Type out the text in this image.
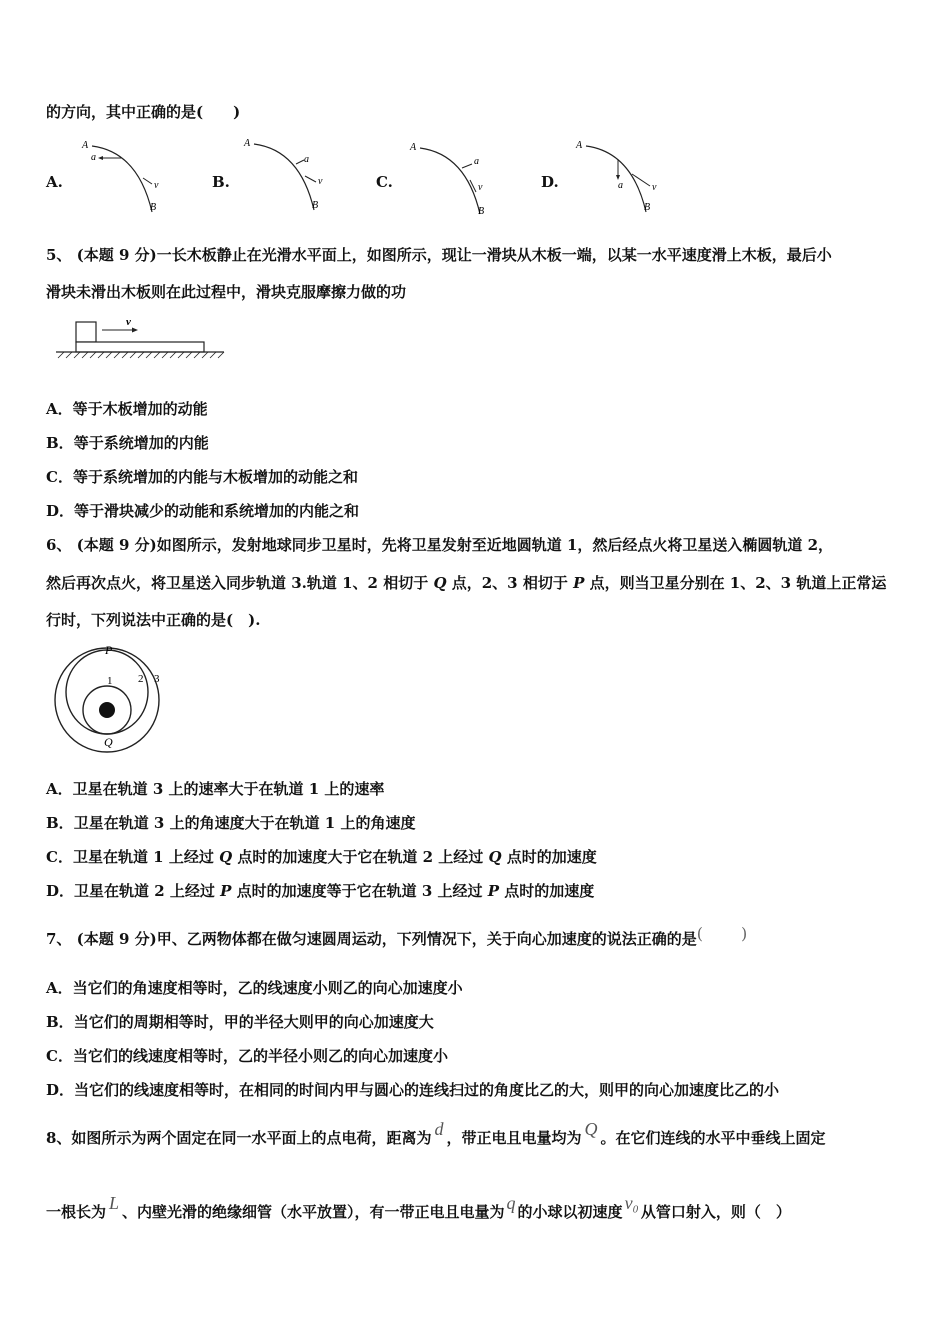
的方向，其中正确的是(　　)
A.
A
a
v
B
B.
A
a
v
B
C.
A
a
v
B
D.
A
a	v
B
5、 (本题 9 分)一长木板静止在光滑水平面上，如图所示，现让一滑块从木板一端，以某一水平速度滑上木板，最后小
滑块未滑出木板则在此过程中，滑块克服摩擦力做的功
v
A．等于木板增加的动能
B．等于系统增加的内能
C．等于系统增加的内能与木板增加的动能之和
D．等于滑块减少的动能和系统增加的内能之和
6、 (本题 9 分)如图所示，发射地球同步卫星时，先将卫星发射至近地圆轨道 1，然后经点火将卫星送入椭圆轨道 2，
然后再次点火，将卫星送入同步轨道 3.轨道 1、2 相切于 Q 点，2、3 相切于 P 点，则当卫星分别在 1、2、3 轨道上正常运
行时，下列说法中正确的是(　).
P
Q
1 2 3
A．卫星在轨道 3 上的速率大于在轨道 1 上的速率
B．卫星在轨道 3 上的角速度大于在轨道 1 上的角速度
C．卫星在轨道 1 上经过 Q 点时的加速度大于它在轨道 2 上经过 Q 点时的加速度
D．卫星在轨道 2 上经过 P 点时的加速度等于它在轨道 3 上经过 P 点时的加速度
7、 (本题 9 分)甲、乙两物体都在做匀速圆周运动，下列情况下，关于向心加速度的说法正确的是(　　)
A．当它们的角速度相等时，乙的线速度小则乙的向心加速度小
B．当它们的周期相等时，甲的半径大则甲的向心加速度大
C．当它们的线速度相等时，乙的半径小则乙的向心加速度小
D．当它们的线速度相等时，在相同的时间内甲与圆心的连线扫过的角度比乙的大，则甲的向心加速度比乙的小
8、如图所示为两个固定在同一水平面上的点电荷，距离为 d ，带正电且电量均为 Q 。在它们连线的水平中垂线上固定
一根长为 L 、内壁光滑的绝缘细管（水平放置），有一带正电且电量为 q 的小球以初速度 v₀ 从管口射入，则（　）
